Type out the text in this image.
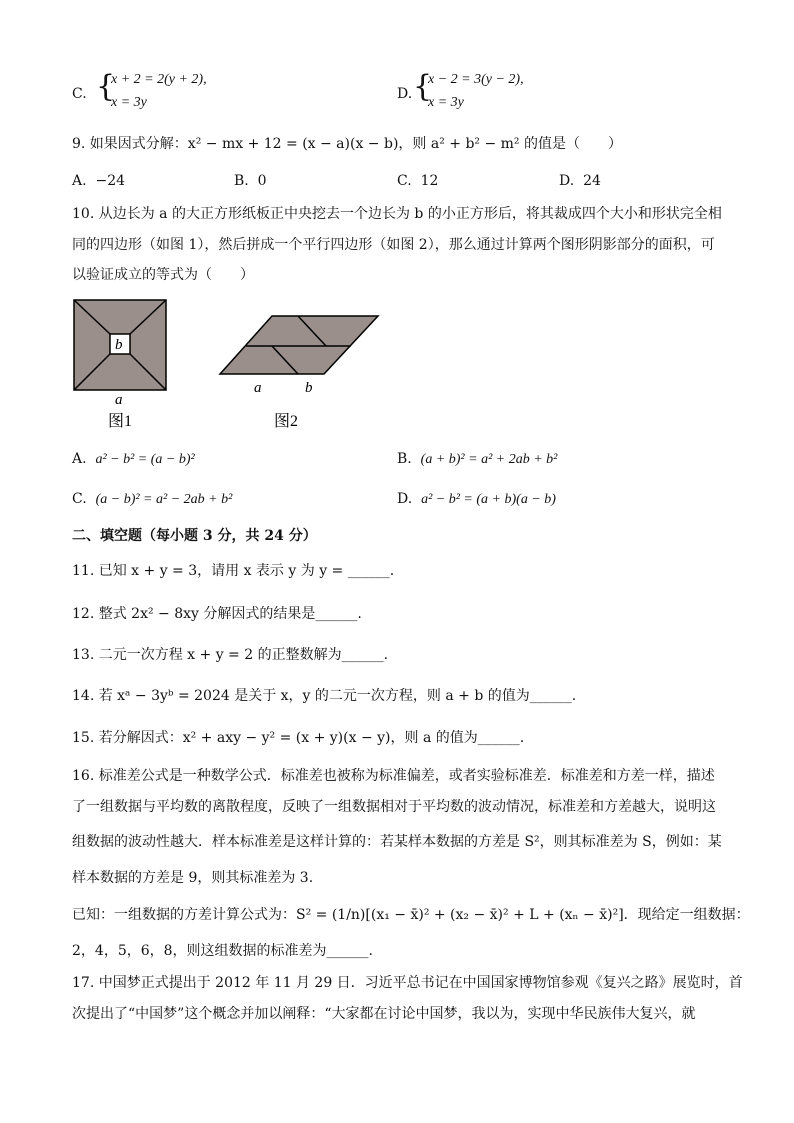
C. {
x + 2 = 2(y + 2),
x = 3y
D. {
x − 2 = 3(y − 2),
x = 3y
9. 如果因式分解：x² − mx + 12 = (x − a)(x − b)，则 a² + b² − m² 的值是（　　）
A. −24	B. 0	C. 12	D. 24
10. 从边长为 a 的大正方形纸板正中央挖去一个边长为 b 的小正方形后，将其裁成四个大小和形状完全相
同的四边形（如图 1），然后拼成一个平行四边形（如图 2），那么通过计算两个图形阴影部分的面积，可
以验证成立的等式为（　　）
b
a
图1
a	b
图2
A. a² − b² = (a − b)²	B. (a + b)² = a² + 2ab + b²
C. (a − b)² = a² − 2ab + b²	D. a² − b² = (a + b)(a − b)
二、填空题（每小题 3 分，共 24 分）
11. 已知 x + y = 3，请用 x 表示 y 为 y = ______.
12. 整式 2x² − 8xy 分解因式的结果是______.
13. 二元一次方程 x + y = 2 的正整数解为______.
14. 若 xᵃ − 3yᵇ = 2024 是关于 x，y 的二元一次方程，则 a + b 的值为______.
15. 若分解因式：x² + axy − y² = (x + y)(x − y)，则 a 的值为______.
16. 标准差公式是一种数学公式．标准差也被称为标准偏差，或者实验标准差．标准差和方差一样，描述
了一组数据与平均数的离散程度，反映了一组数据相对于平均数的波动情况，标准差和方差越大，说明这
组数据的波动性越大．样本标准差是这样计算的：若某样本数据的方差是 S²，则其标准差为 S，例如：某
样本数据的方差是 9，则其标准差为 3.
已知：一组数据的方差计算公式为：S² = (1/n)[(x₁ − x̄)² + (x₂ − x̄)² + L + (xₙ − x̄)²]．现给定一组数据：
2，4，5，6，8，则这组数据的标准差为______.
17. 中国梦正式提出于 2012 年 11 月 29 日．习近平总书记在中国国家博物馆参观《复兴之路》展览时，首
次提出了“中国梦”这个概念并加以阐释：“大家都在讨论中国梦，我以为，实现中华民族伟大复兴，就
